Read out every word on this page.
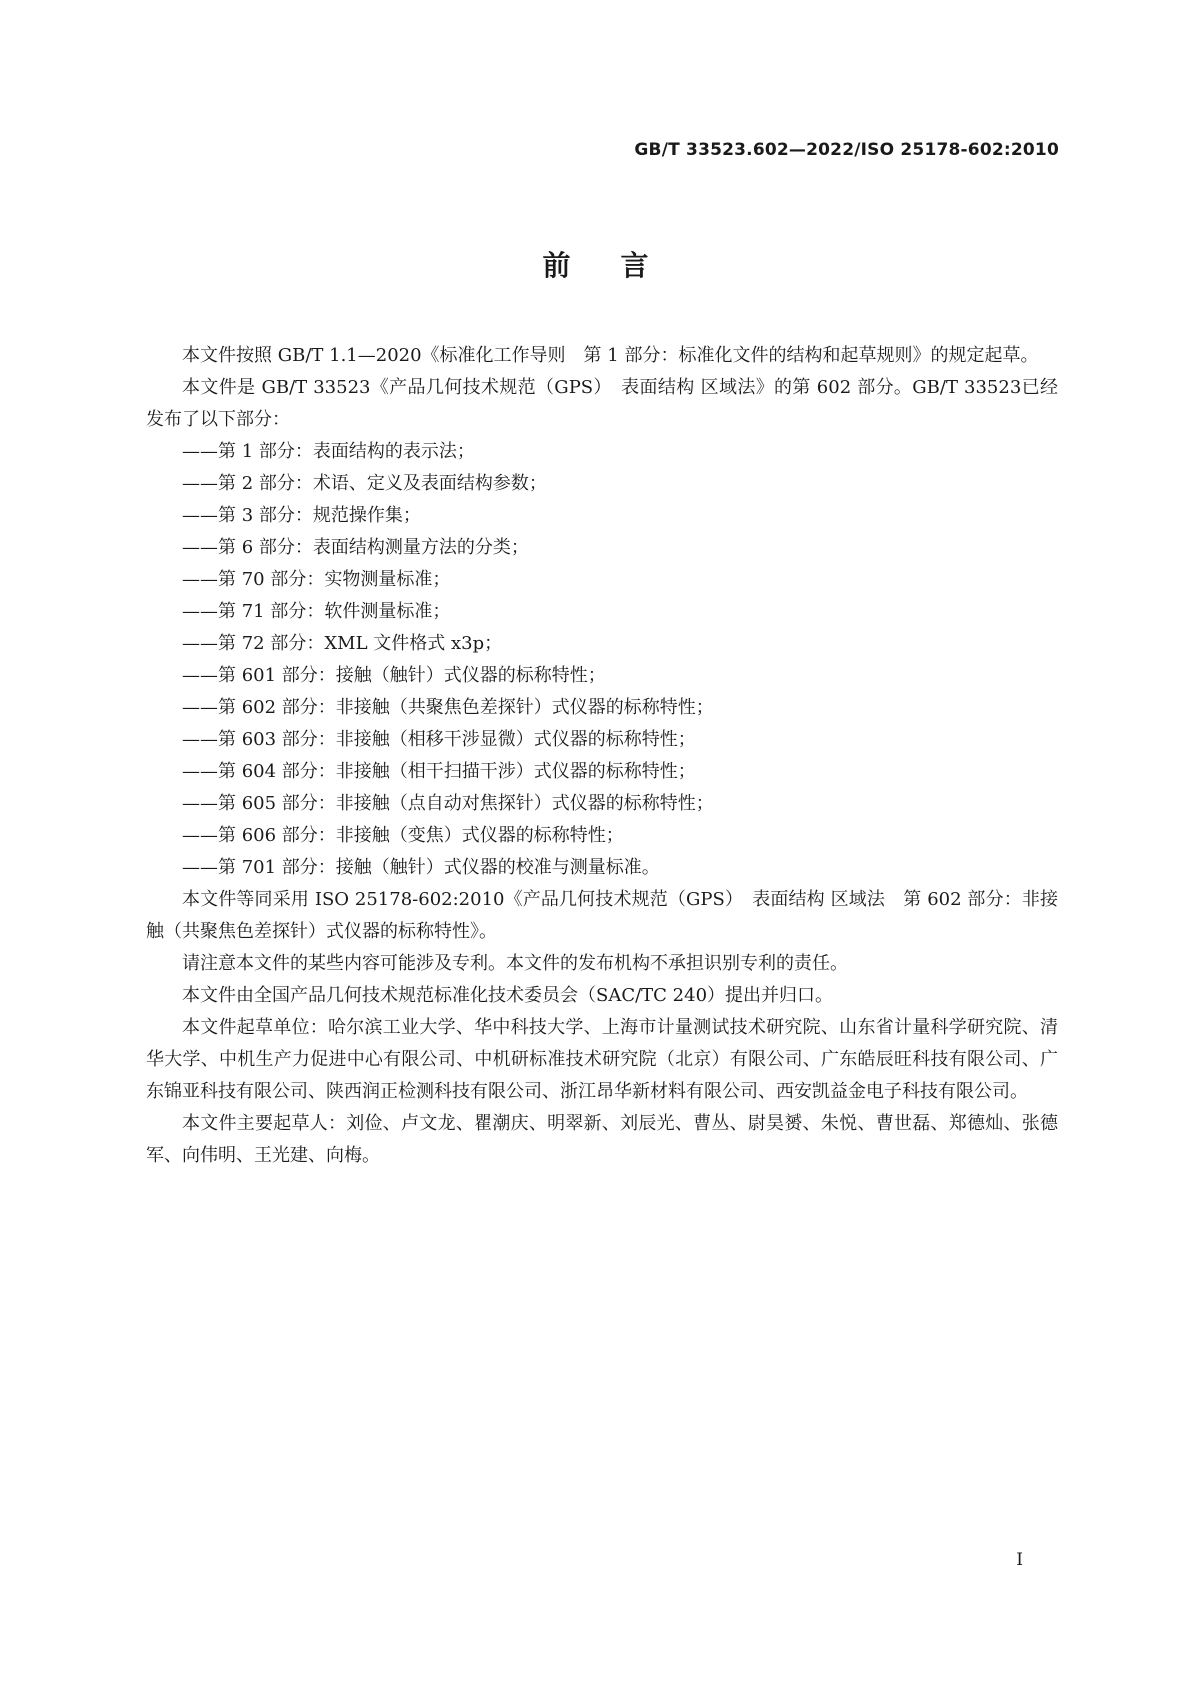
GB/T 33523.602—2022/ISO 25178-602:2010
前言

本文件按照 GB/T 1.1—2020《标准化工作导则　第 1 部分：标准化文件的结构和起草规则》的规定起草。

本文件是 GB/T 33523《产品几何技术规范（GPS）　表面结构 区域法》的第 602 部分。GB/T 33523已经发布了以下部分：

——第 1 部分：表面结构的表示法；
——第 2 部分：术语、定义及表面结构参数；
——第 3 部分：规范操作集；
——第 6 部分：表面结构测量方法的分类；
——第 70 部分：实物测量标准；
——第 71 部分：软件测量标准；
——第 72 部分：XML 文件格式 x3p；
——第 601 部分：接触（触针）式仪器的标称特性；
——第 602 部分：非接触（共聚焦色差探针）式仪器的标称特性；
——第 603 部分：非接触（相移干涉显微）式仪器的标称特性；
——第 604 部分：非接触（相干扫描干涉）式仪器的标称特性；
——第 605 部分：非接触（点自动对焦探针）式仪器的标称特性；
——第 606 部分：非接触（变焦）式仪器的标称特性；
——第 701 部分：接触（触针）式仪器的校准与测量标准。

本文件等同采用 ISO 25178-602:2010《产品几何技术规范（GPS）　表面结构 区域法　第 602 部分：非接触（共聚焦色差探针）式仪器的标称特性》。

请注意本文件的某些内容可能涉及专利。本文件的发布机构不承担识别专利的责任。

本文件由全国产品几何技术规范标准化技术委员会（SAC/TC 240）提出并归口。

本文件起草单位：哈尔滨工业大学、华中科技大学、上海市计量测试技术研究院、山东省计量科学研究院、清华大学、中机生产力促进中心有限公司、中机研标准技术研究院（北京）有限公司、广东皓辰旺科技有限公司、广东锦亚科技有限公司、陕西润正检测科技有限公司、浙江昂华新材料有限公司、西安凯益金电子科技有限公司。

本文件主要起草人：刘俭、卢文龙、瞿潮庆、明翠新、刘辰光、曹丛、尉昊赟、朱悦、曹世磊、郑德灿、张德军、向伟明、王光建、向梅。

I
